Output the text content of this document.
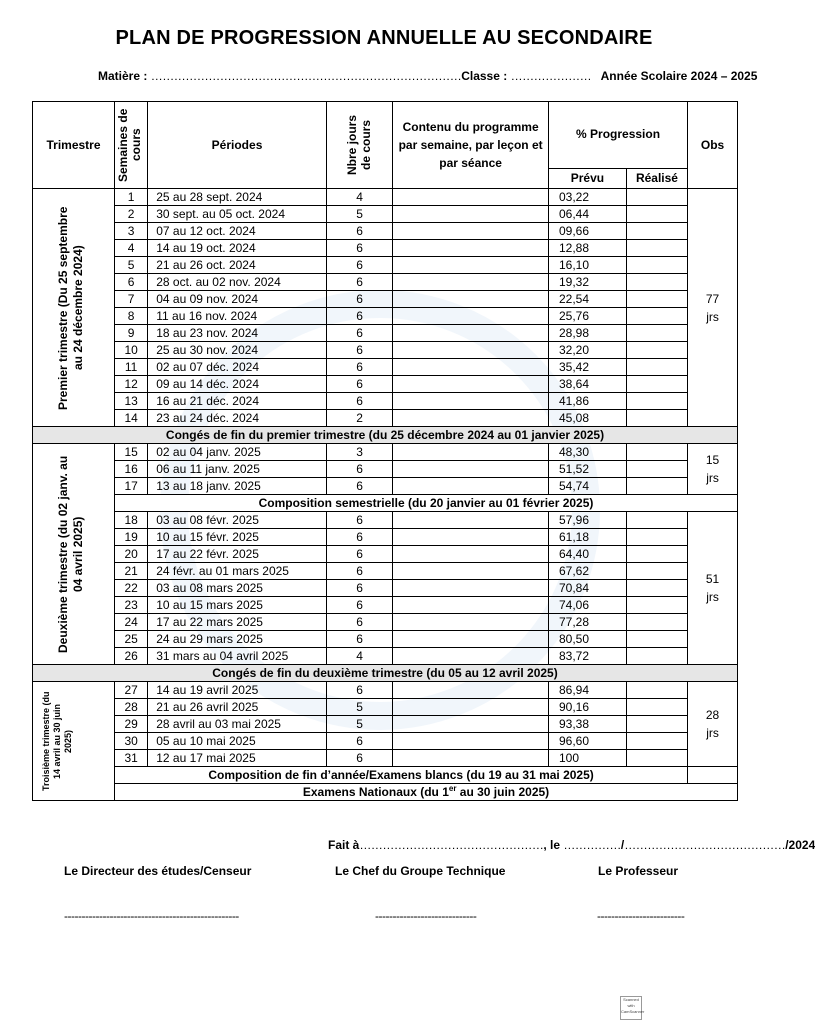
PLAN DE PROGRESSION ANNUELLE AU SECONDAIRE
Matière : ………………………………………………………………………Classe : ………………… Année Scolaire 2024 – 2025
Trimestre	Semaines de cours	Périodes	Nbre jours de cours	Contenu du programme par semaine, par leçon et par séance	% Progression		Obs
					Prévu	Réalisé	

Premier trimestre (Du 25 septembre au 24 décembre 2024)	1	25 au 28 sept. 2024	4		03,22		77
jrs

	2	30 sept. au 05 oct. 2024	5		06,44		
	3	07 au 12 oct. 2024	6		09,66		
	4	14 au 19 oct. 2024	6		12,88		
	5	21 au 26 oct. 2024	6		16,10		
	6	28 oct. au 02 nov. 2024	6		19,32		
	7	04 au 09 nov. 2024	6		22,54		
	8	11 au 16 nov. 2024	6		25,76		
	9	18 au 23 nov. 2024	6		28,98		
	10	25 au 30 nov. 2024	6		32,20		
	11	02 au 07 déc. 2024	6		35,42		
	12	09 au 14 déc. 2024	6		38,64		
	13	16 au 21 déc. 2024	6		41,86		
	14	23 au 24 déc. 2024	2		45,08		
Congés de fin du premier trimestre (du 25 décembre 2024 au 01 janvier 2025)							

Deuxième trimestre (du 02 janv. au 04 avril 2025)	15	02 au 04 janv. 2025	3		48,30		15
jrs

	16	06 au 11 janv. 2025	6		51,52		
	17	13 au 18 janv. 2025	6		54,74		
	Composition semestrielle (du 20 janvier au 01 février 2025)						
	18	03 au 08 févr. 2025	6		57,96		51
jrs

	19	10 au 15 févr. 2025	6		61,18		
	20	17 au 22 févr. 2025	6		64,40		
	21	24 févr. au 01 mars 2025	6		67,62		
	22	03 au 08 mars 2025	6		70,84		
	23	10 au 15 mars 2025	6		74,06		
	24	17 au 22 mars 2025	6		77,28		
	25	24 au 29 mars 2025	6		80,50		
	26	31 mars au 04 avril 2025	4		83,72		
Congés de fin du deuxième trimestre (du 05 au 12 avril 2025)							

Troisième trimestre (du 14 avril au 30 juin 2025)	27	14 au 19 avril 2025	6		86,94		28
jrs

	28	21 au 26 avril 2025	5		90,16		
	29	28 avril au 03 mai 2025	5		93,38		
	30	05 au 10 mai 2025	6		96,60		
	31	12 au 17 mai 2025	6		100		
	Composition de fin d’année/Examens blancs (du 19 au 31 mai 2025)						
	Examens Nationaux (du 1er au 30 juin 2025)						
Fait à…………………………………………, le ……………/……………………………………/2024
Le Directeur des études/Censeur	Le Chef du Groupe Technique	Le Professeur
--------------------------------------------------	-----------------------------	-------------------------
Scanned with CamScanner
